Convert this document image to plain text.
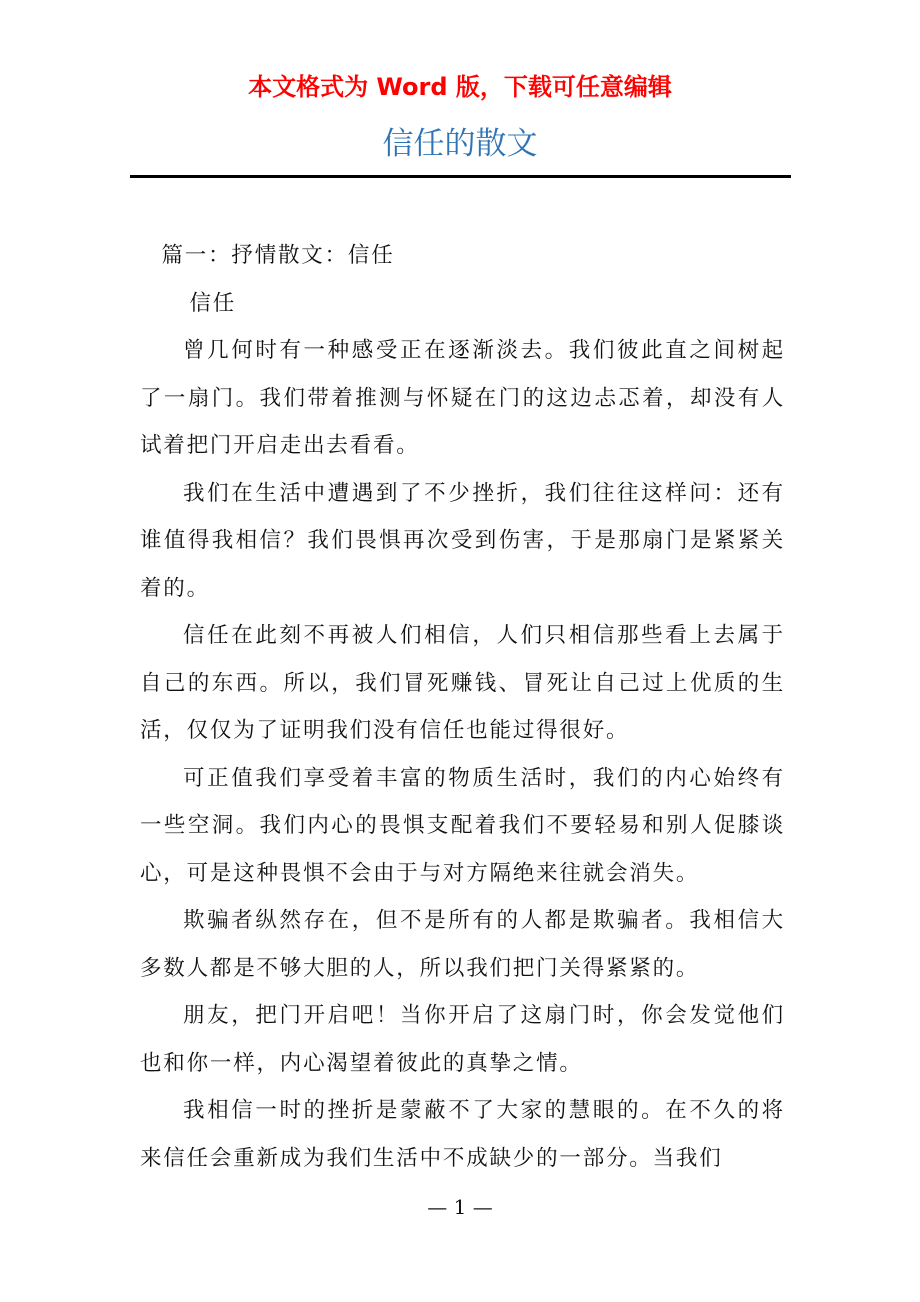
本文格式为 Word 版，下载可任意编辑
信任的散文

篇一：抒情散文：信任

信任

曾几何时有一种感受正在逐渐淡去。我们彼此直之间树起了一扇门。我们带着推测与怀疑在门的这边忐忑着，却没有人试着把门开启走出去看看。

我们在生活中遭遇到了不少挫折，我们往往这样问：还有谁值得我相信？我们畏惧再次受到伤害，于是那扇门是紧紧关着的。

信任在此刻不再被人们相信，人们只相信那些看上去属于自己的东西。所以，我们冒死赚钱、冒死让自己过上优质的生活，仅仅为了证明我们没有信任也能过得很好。

可正值我们享受着丰富的物质生活时，我们的内心始终有一些空洞。我们内心的畏惧支配着我们不要轻易和别人促膝谈心，可是这种畏惧不会由于与对方隔绝来往就会消失。

欺骗者纵然存在，但不是所有的人都是欺骗者。我相信大多数人都是不够大胆的人，所以我们把门关得紧紧的。

朋友，把门开启吧！当你开启了这扇门时，你会发觉他们也和你一样，内心渴望着彼此的真挚之情。

我相信一时的挫折是蒙蔽不了大家的慧眼的。在不久的将来信任会重新成为我们生活中不成缺少的一部分。当我们

— 1 —
